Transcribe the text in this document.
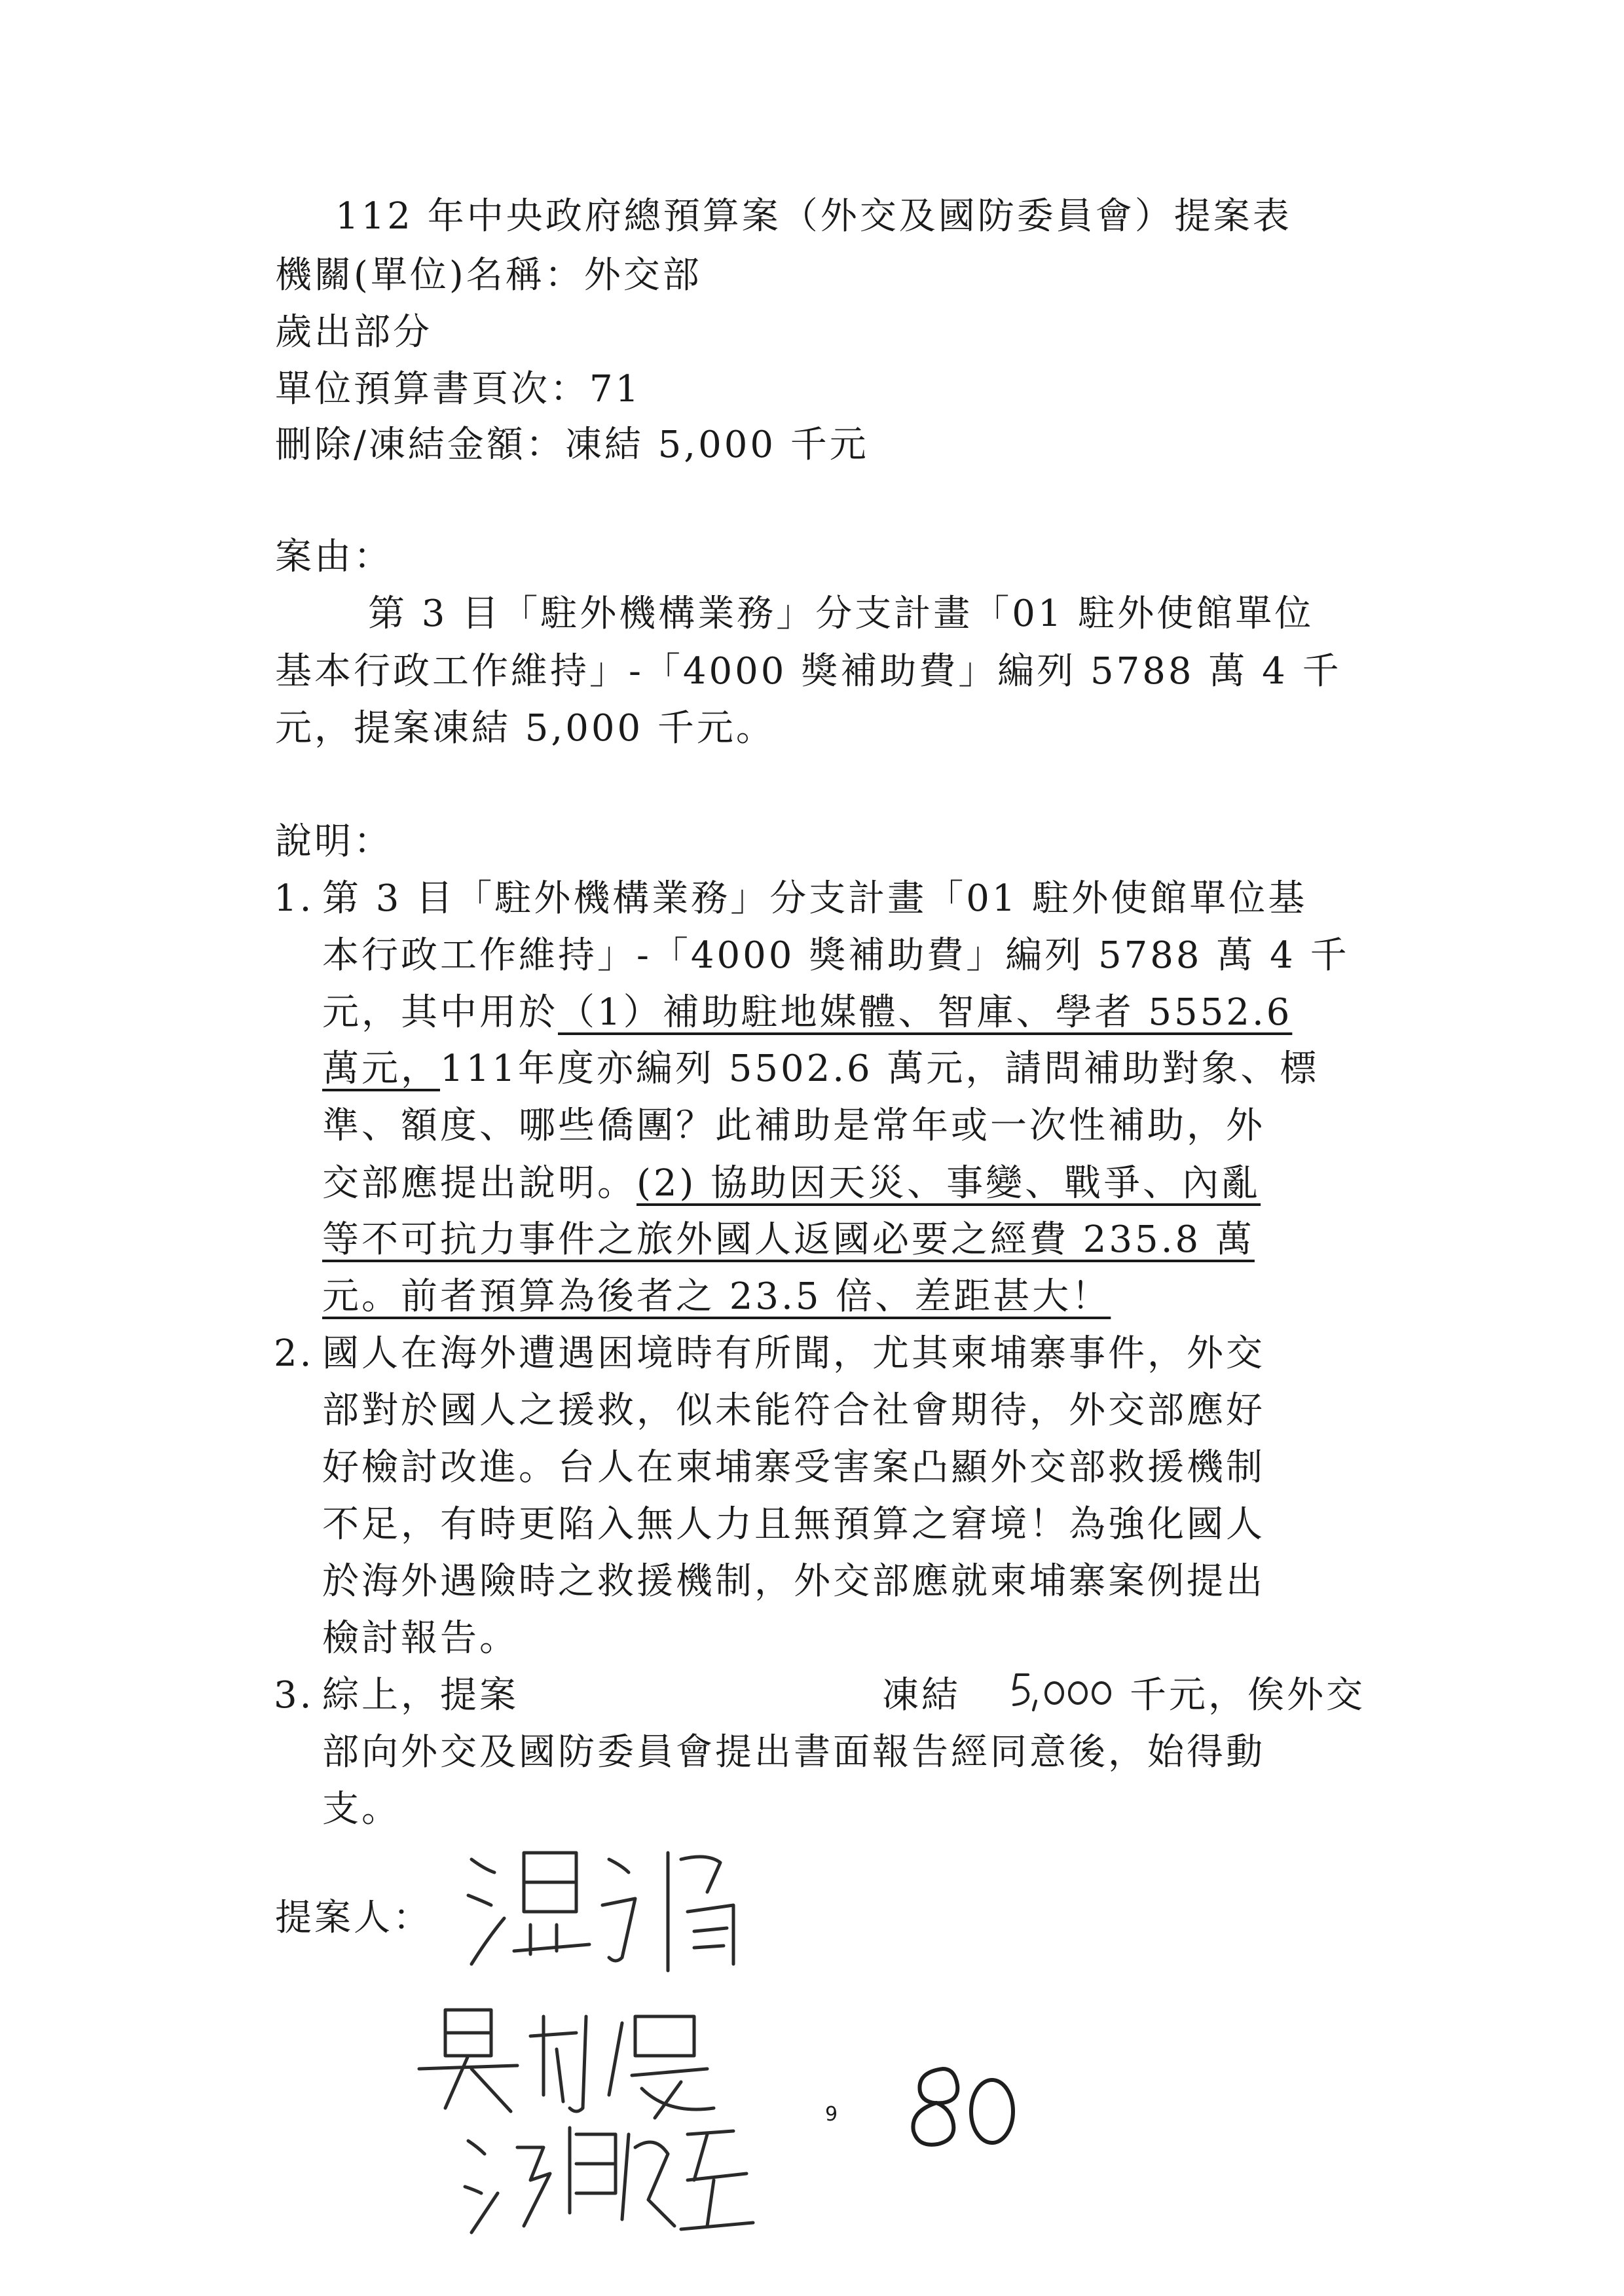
112 年中央政府總預算案（外交及國防委員會）提案表
機關(單位)名稱：外交部
歲出部分
單位預算書頁次：71
刪除/凍結金額：凍結 5,000 千元
案由：
第 3 目「駐外機構業務」分支計畫「01 駐外使館單位
基本行政工作維持」-「4000 獎補助費」編列 5788 萬 4 千
元，提案凍結 5,000 千元。
說明：
1. 第 3 目「駐外機構業務」分支計畫「01 駐外使館單位基
本行政工作維持」-「4000 獎補助費」編列 5788 萬 4 千
元，其中用於（1）補助駐地媒體、智庫、學者 5552.6
萬元，111年度亦編列 5502.6 萬元，請問補助對象、標
準、額度、哪些僑團？此補助是常年或一次性補助，外
交部應提出說明。(2) 協助因天災、事變、戰爭、內亂
等不可抗力事件之旅外國人返國必要之經費 235.8 萬
元。前者預算為後者之 23.5 倍、差距甚大！
2. 國人在海外遭遇困境時有所聞，尤其柬埔寨事件，外交
部對於國人之援救，似未能符合社會期待，外交部應好
好檢討改進。台人在柬埔寨受害案凸顯外交部救援機制
不足，有時更陷入無人力且無預算之窘境！為強化國人
於海外遇險時之救援機制，外交部應就柬埔寨案例提出
檢討報告。
3. 綜上，提案	凍結	千元，俟外交
部向外交及國防委員會提出書面報告經同意後，始得動
支。
提案人：
9
